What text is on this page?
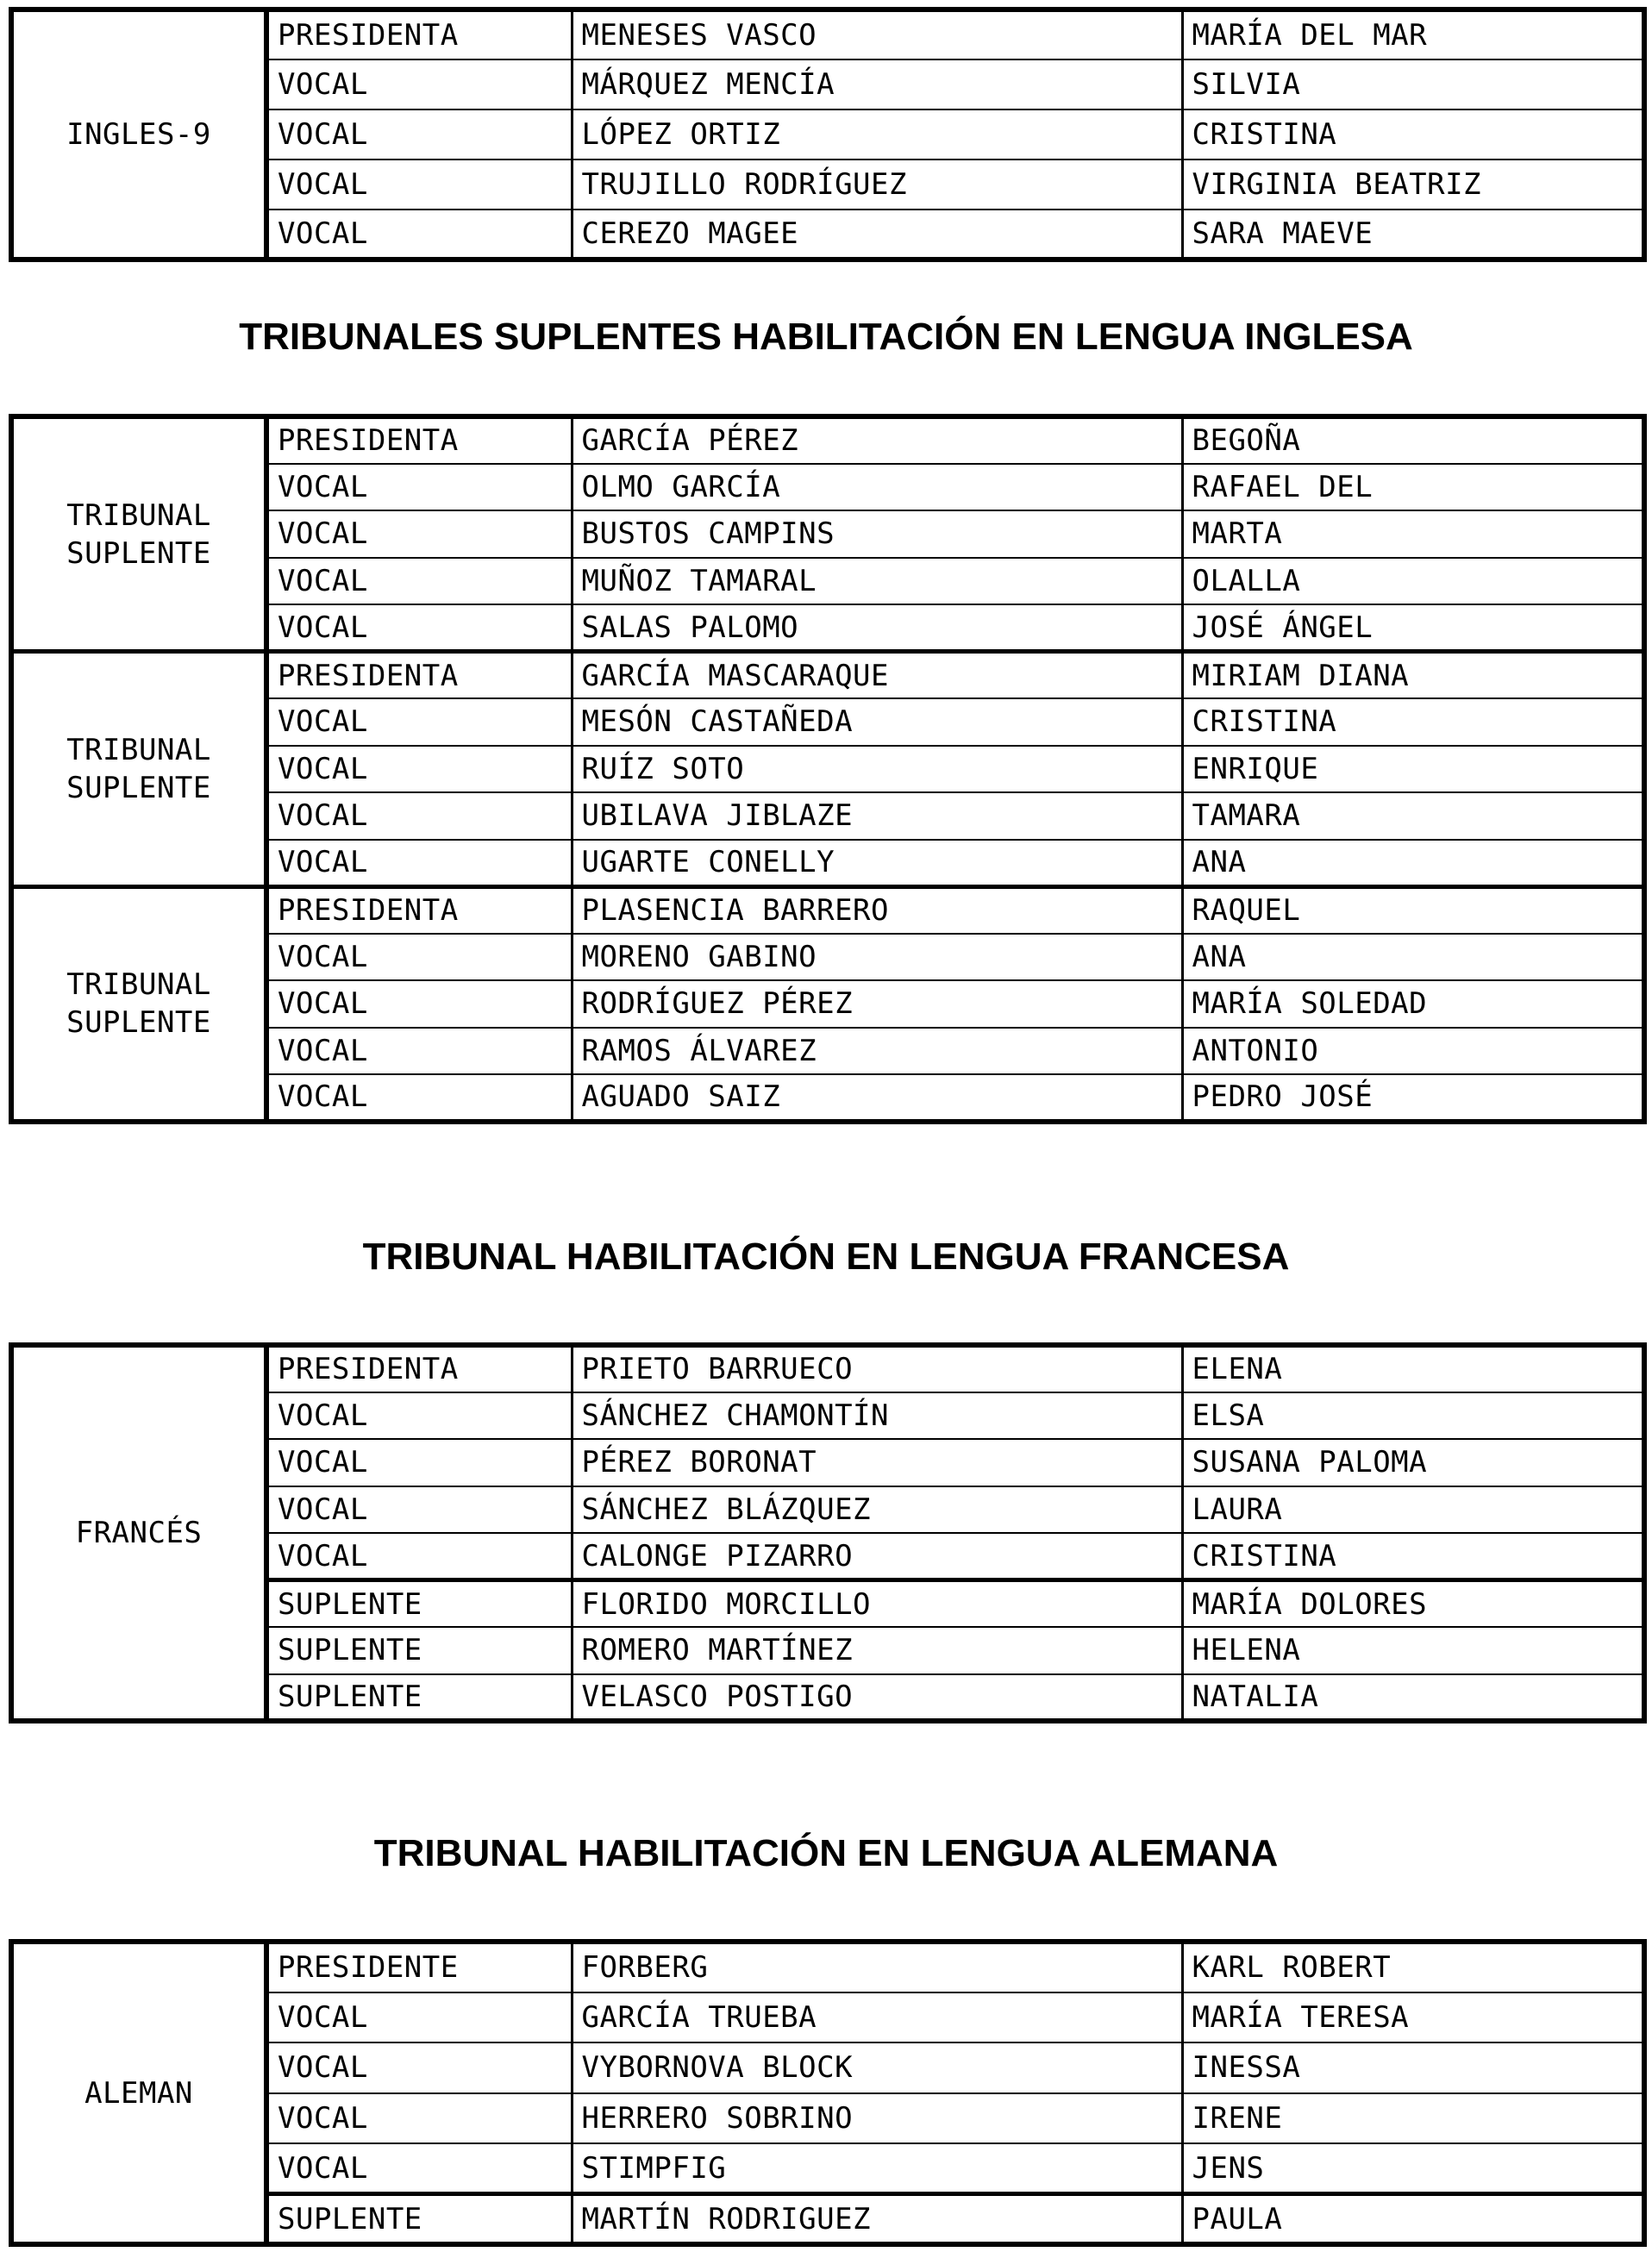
INGLES-9	PRESIDENTA	MENESES VASCO	MARÍA DEL MAR
	VOCAL	MÁRQUEZ MENCÍA	SILVIA
	VOCAL	LÓPEZ ORTIZ	CRISTINA
	VOCAL	TRUJILLO RODRÍGUEZ	VIRGINIA BEATRIZ
	VOCAL	CEREZO MAGEE	SARA MAEVE
TRIBUNALES SUPLENTES HABILITACIÓN EN LENGUA INGLESA
TRIBUNAL
SUPLENTE	PRESIDENTA	GARCÍA PÉREZ	BEGOÑA
	VOCAL	OLMO GARCÍA	RAFAEL DEL
	VOCAL	BUSTOS CAMPINS	MARTA
	VOCAL	MUÑOZ TAMARAL	OLALLA
	VOCAL	SALAS PALOMO	JOSÉ ÁNGEL
TRIBUNAL
SUPLENTE	PRESIDENTA	GARCÍA MASCARAQUE	MIRIAM DIANA
	VOCAL	MESÓN CASTAÑEDA	CRISTINA
	VOCAL	RUÍZ SOTO	ENRIQUE
	VOCAL	UBILAVA JIBLAZE	TAMARA
	VOCAL	UGARTE CONELLY	ANA
TRIBUNAL
SUPLENTE	PRESIDENTA	PLASENCIA BARRERO	RAQUEL
	VOCAL	MORENO GABINO	ANA
	VOCAL	RODRÍGUEZ PÉREZ	MARÍA SOLEDAD
	VOCAL	RAMOS ÁLVAREZ	ANTONIO
	VOCAL	AGUADO SAIZ	PEDRO JOSÉ
TRIBUNAL HABILITACIÓN EN LENGUA FRANCESA
FRANCÉS	PRESIDENTA	PRIETO BARRUECO	ELENA
	VOCAL	SÁNCHEZ CHAMONTÍN	ELSA
	VOCAL	PÉREZ BORONAT	SUSANA PALOMA
	VOCAL	SÁNCHEZ BLÁZQUEZ	LAURA
	VOCAL	CALONGE PIZARRO	CRISTINA
	SUPLENTE	FLORIDO MORCILLO	MARÍA DOLORES
	SUPLENTE	ROMERO MARTÍNEZ	HELENA
	SUPLENTE	VELASCO POSTIGO	NATALIA
TRIBUNAL HABILITACIÓN EN LENGUA ALEMANA
ALEMAN	PRESIDENTE	FORBERG	KARL ROBERT
	VOCAL	GARCÍA TRUEBA	MARÍA TERESA
	VOCAL	VYBORNOVA BLOCK	INESSA
	VOCAL	HERRERO SOBRINO	IRENE
	VOCAL	STIMPFIG	JENS
	SUPLENTE	MARTÍN RODRIGUEZ	PAULA
